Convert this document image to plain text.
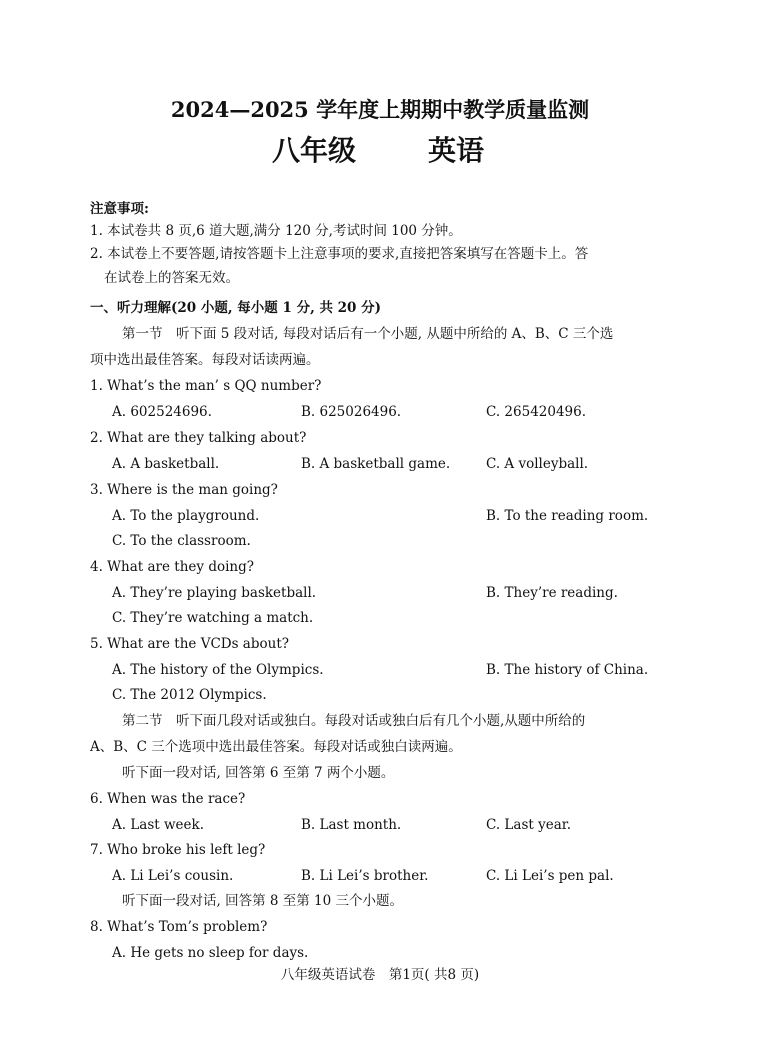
2024—2025 学年度上期期中教学质量监测
八年级	英语
注意事项:
1. 本试卷共 8 页,6 道大题,满分 120 分,考试时间 100 分钟。
2. 本试卷上不要答题,请按答题卡上注意事项的要求,直接把答案填写在答题卡上。答
在试卷上的答案无效。
一、听力理解(20 小题, 每小题 1 分, 共 20 分)
第一节　听下面 5 段对话, 每段对话后有一个小题, 从题中所给的 A、B、C 三个选
项中选出最佳答案。每段对话读两遍。
1. What’s the man’ s QQ number?
A. 602524696.	B. 625026496.	C. 265420496.
2. What are they talking about?
A. A basketball.	B. A basketball game.	C. A volleyball.
3. Where is the man going?
A. To the playground.	B. To the reading room.
C. To the classroom.
4. What are they doing?
A. They’re playing basketball.	B. They’re reading.
C. They’re watching a match.
5. What are the VCDs about?
A. The history of the Olympics.	B. The history of China.
C. The 2012 Olympics.
第二节　听下面几段对话或独白。每段对话或独白后有几个小题,从题中所给的
A、B、C 三个选项中选出最佳答案。每段对话或独白读两遍。
听下面一段对话, 回答第 6 至第 7 两个小题。
6. When was the race?
A. Last week.	B. Last month.	C. Last year.
7. Who broke his left leg?
A. Li Lei’s cousin.	B. Li Lei’s brother.	C. Li Lei’s pen pal.
听下面一段对话, 回答第 8 至第 10 三个小题。
8. What’s Tom’s problem?
A. He gets no sleep for days.
八年级英语试卷　第1页( 共8 页)
